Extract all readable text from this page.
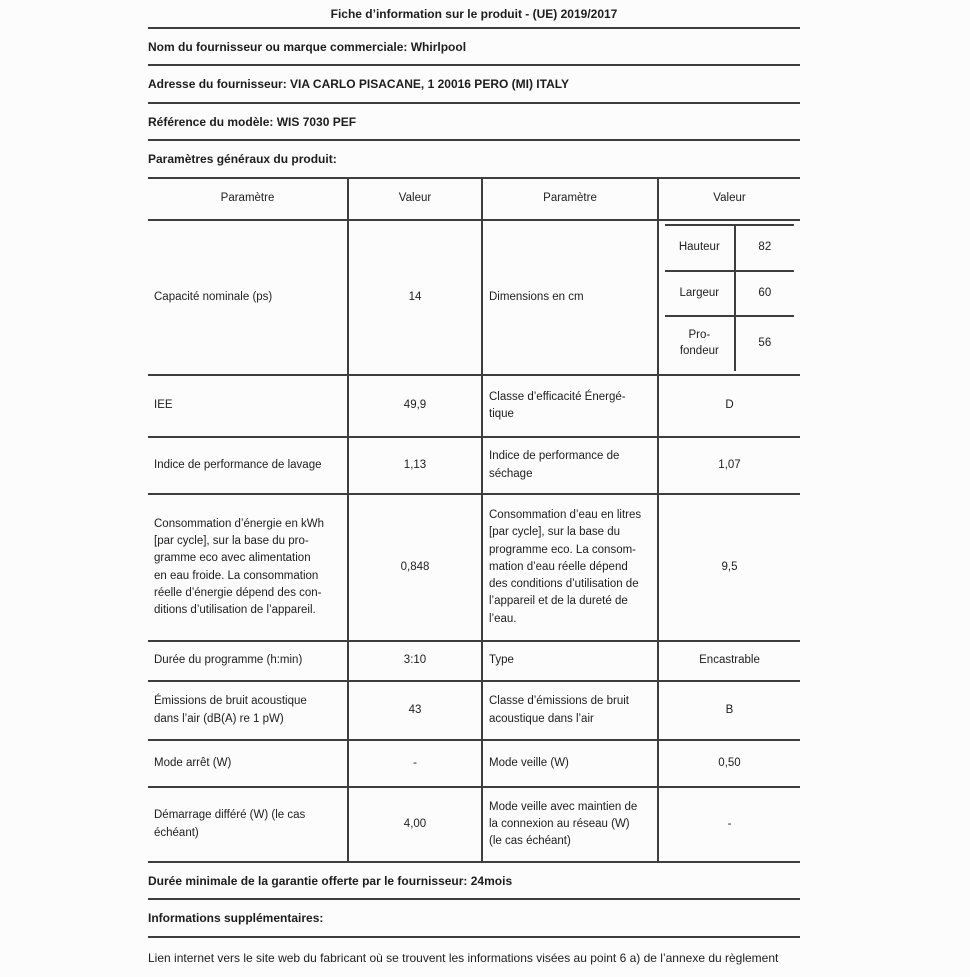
Fiche d’information sur le produit - (UE) 2019/2017
Nom du fournisseur ou marque commerciale: Whirlpool
Adresse du fournisseur: VIA CARLO PISACANE, 1 20016 PERO (MI) ITALY
Référence du modèle: WIS 7030 PEF
Paramètres généraux du produit:
Paramètre	Valeur	Paramètre	Valeur
Capacité nominale (ps)	14	Dimensions en cm	
Hauteur	82
Largeur	60
Pro-
fondeur	56

IEE	49,9	Classe d’efficacité Énergé-
tique	D
Indice de performance de lavage	1,13	Indice de performance de
séchage	1,07
Consommation d’énergie en kWh
[par cycle], sur la base du pro-
gramme eco avec alimentation
en eau froide. La consommation
réelle d’énergie dépend des con-
ditions d’utilisation de l’appareil.	0,848	Consommation d’eau en litres
[par cycle], sur la base du
programme eco. La consom-
mation d’eau réelle dépend
des conditions d’utilisation de
l’appareil et de la dureté de
l’eau.	9,5
Durée du programme (h:min)	3:10	Type	Encastrable
Émissions de bruit acoustique
dans l’air (dB(A) re 1 pW)	43	Classe d’émissions de bruit
acoustique dans l’air	B
Mode arrêt (W)	-	Mode veille (W)	0,50
Démarrage différé (W) (le cas
échéant)	4,00	Mode veille avec maintien de
la connexion au réseau (W)
(le cas échéant)	-
Durée minimale de la garantie offerte par le fournisseur: 24mois
Informations supplémentaires:
Lien internet vers le site web du fabricant où se trouvent les informations visées au point 6 a) de l’annexe du règlement
